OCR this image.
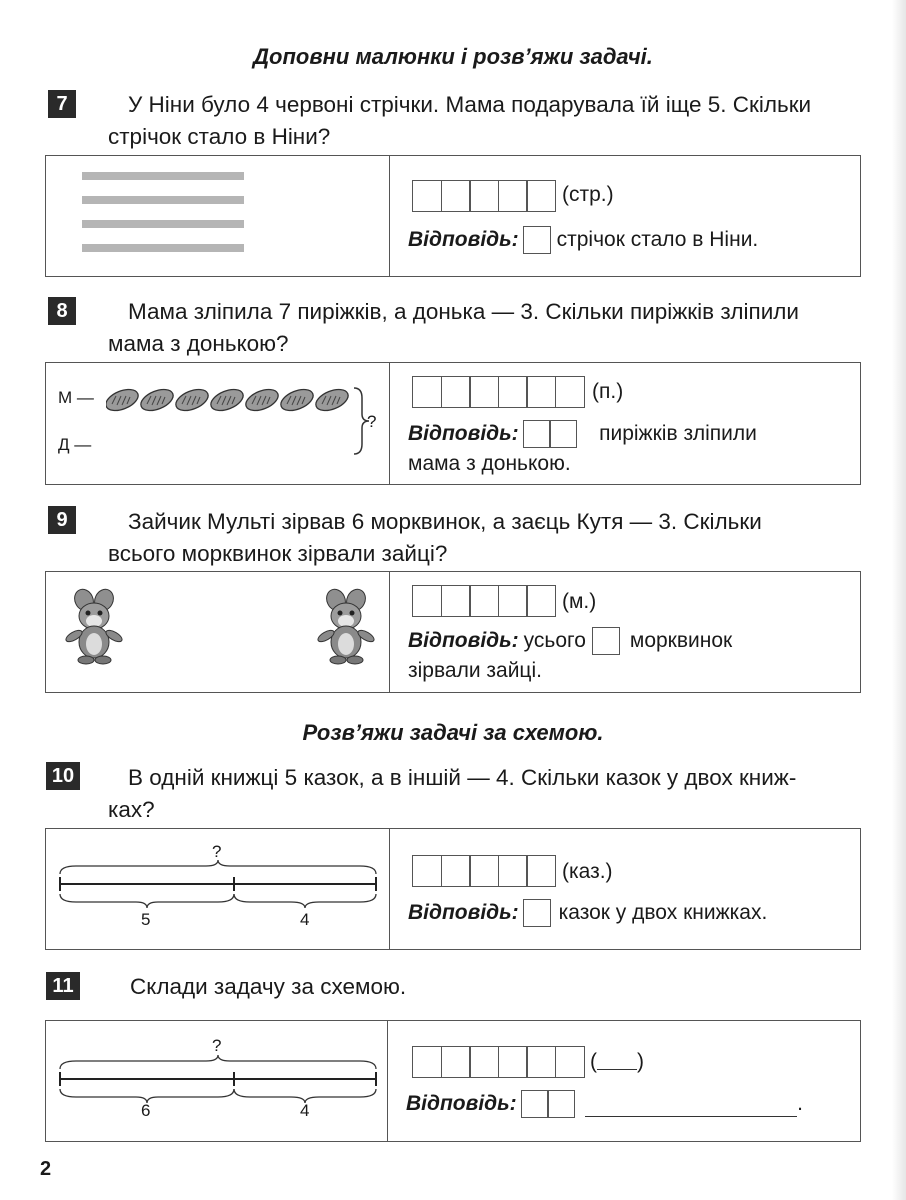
Доповни малюнки і розв’яжи задачі.
7	У Ніни було 4 червоні стрічки. Мама подарувала їй іще 5. Скільки
стрічок стало в Ніни?
(стр.)
Відповідь: стрічок стало в Ніни.
8	Мама зліпила 7 пиріжків, а донька — 3. Скільки пиріжків зліпили
мама з донькою?
М —
Д —
?
(п.)
Відповідь:	пиріжків зліпили
мама з донькою.
9	Зайчик Мульті зірвав 6 морквинок, а заєць Кутя — 3. Скільки
всього морквинок зірвали зайці?
(м.)
Відповідь: усього морквинок
зірвали зайці.
Розв’яжи задачі за схемою.
10 В одній книжці 5 казок, а в іншій — 4. Скільки казок у двох книж-
ках?
?
5	4
(каз.)
Відповідь: казок у двох книжках.
11	Склади задачу за схемою.
?
6	4
( )
Відповідь:	.
2
